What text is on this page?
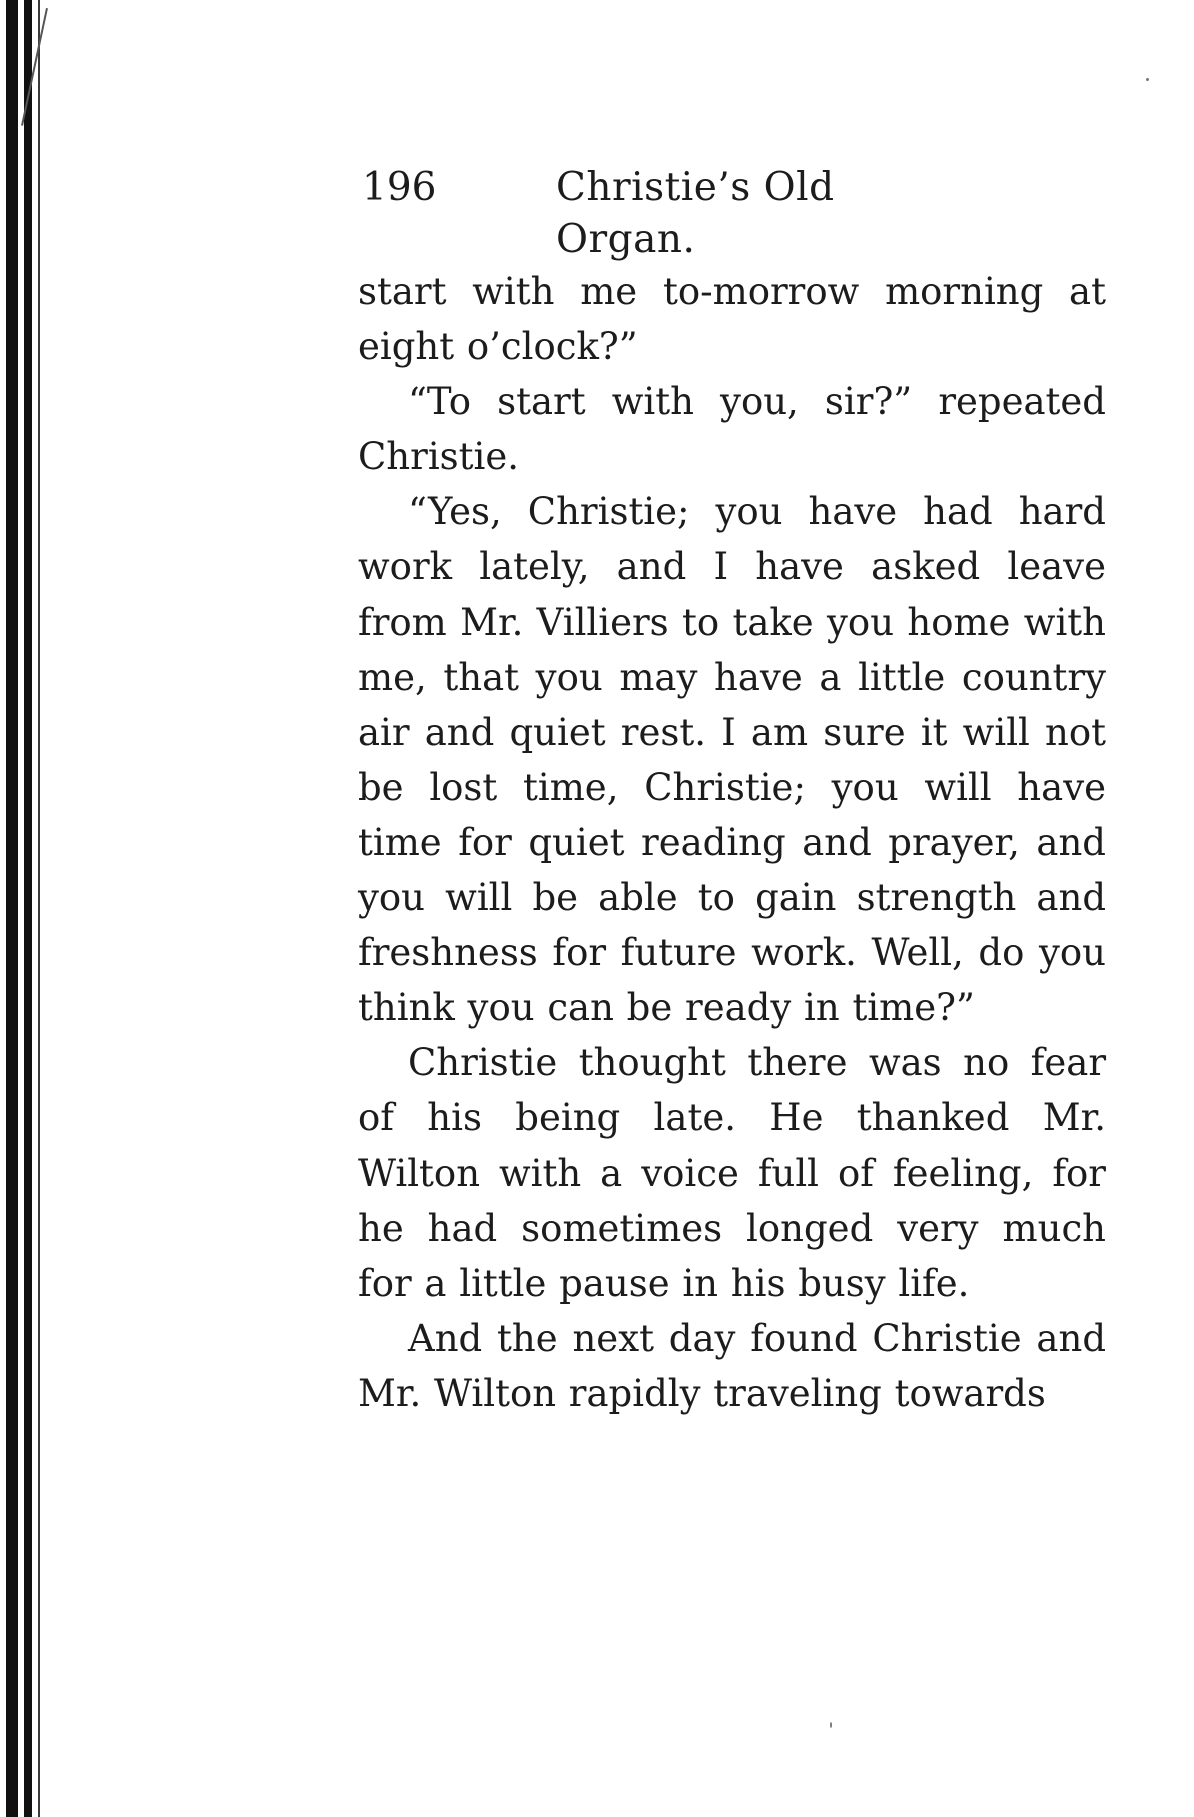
196	Christie’s Old Organ.

start with me to-morrow morning at eight o’clock?”

“To start with you, sir?” repeated Christie.

“Yes, Christie; you have had hard work lately, and I have asked leave from Mr. Villiers to take you home with me, that you may have a little country air and quiet rest. I am sure it will not be lost time, Christie; you will have time for quiet reading and prayer, and you will be able to gain strength and freshness for future work. Well, do you think you can be ready in time?”

Christie thought there was no fear of his being late. He thanked Mr. Wilton with a voice full of feeling, for he had sometimes longed very much for a little pause in his busy life.

And the next day found Christie and Mr. Wilton rapidly traveling towards
